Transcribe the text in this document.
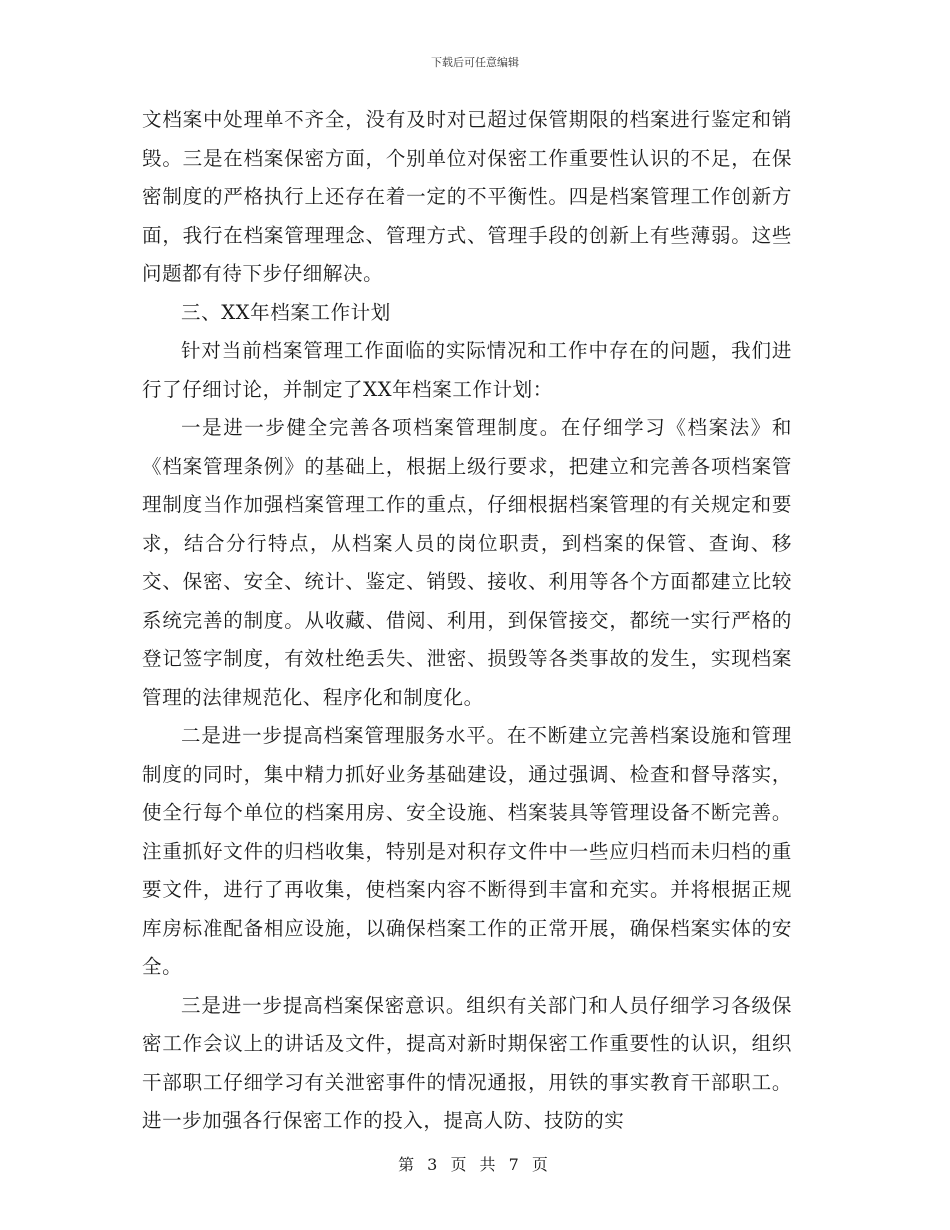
下载后可任意编辑

文档案中处理单不齐全，没有及时对已超过保管期限的档案进行鉴定和销毁。三是在档案保密方面，个别单位对保密工作重要性认识的不足，在保密制度的严格执行上还存在着一定的不平衡性。四是档案管理工作创新方面，我行在档案管理理念、管理方式、管理手段的创新上有些薄弱。这些问题都有待下步仔细解决。

三、XX年档案工作计划

针对当前档案管理工作面临的实际情况和工作中存在的问题，我们进行了仔细讨论，并制定了XX年档案工作计划：

一是进一步健全完善各项档案管理制度。在仔细学习《档案法》和《档案管理条例》的基础上，根据上级行要求，把建立和完善各项档案管理制度当作加强档案管理工作的重点，仔细根据档案管理的有关规定和要求，结合分行特点，从档案人员的岗位职责，到档案的保管、查询、移交、保密、安全、统计、鉴定、销毁、接收、利用等各个方面都建立比较系统完善的制度。从收藏、借阅、利用，到保管接交，都统一实行严格的登记签字制度，有效杜绝丢失、泄密、损毁等各类事故的发生，实现档案管理的法律规范化、程序化和制度化。

二是进一步提高档案管理服务水平。在不断建立完善档案设施和管理制度的同时，集中精力抓好业务基础建设，通过强调、检查和督导落实，使全行每个单位的档案用房、安全设施、档案装具等管理设备不断完善。注重抓好文件的归档收集，特别是对积存文件中一些应归档而未归档的重要文件，进行了再收集，使档案内容不断得到丰富和充实。并将根据正规库房标准配备相应设施，以确保档案工作的正常开展，确保档案实体的安全。

三是进一步提高档案保密意识。组织有关部门和人员仔细学习各级保密工作会议上的讲话及文件，提高对新时期保密工作重要性的认识，组织干部职工仔细学习有关泄密事件的情况通报，用铁的事实教育干部职工。进一步加强各行保密工作的投入，提高人防、技防的实

第 3 页 共 7 页
